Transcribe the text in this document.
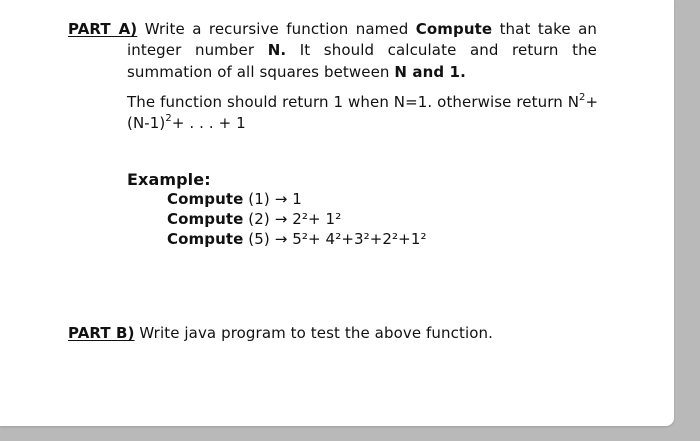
PART A) Write a recursive function named Compute that take an
integer number N. It should calculate and return the
summation of all squares between N and 1.
The function should return 1 when N=1. otherwise return $N^2+$
$(N-1)^2+$ . . . + 1
Example:
Compute (1) → 1
Compute (2) → 2²+ 1²
Compute (5) → 5²+ 4²+3²+2²+1²
PART B) Write java program to test the above function.
